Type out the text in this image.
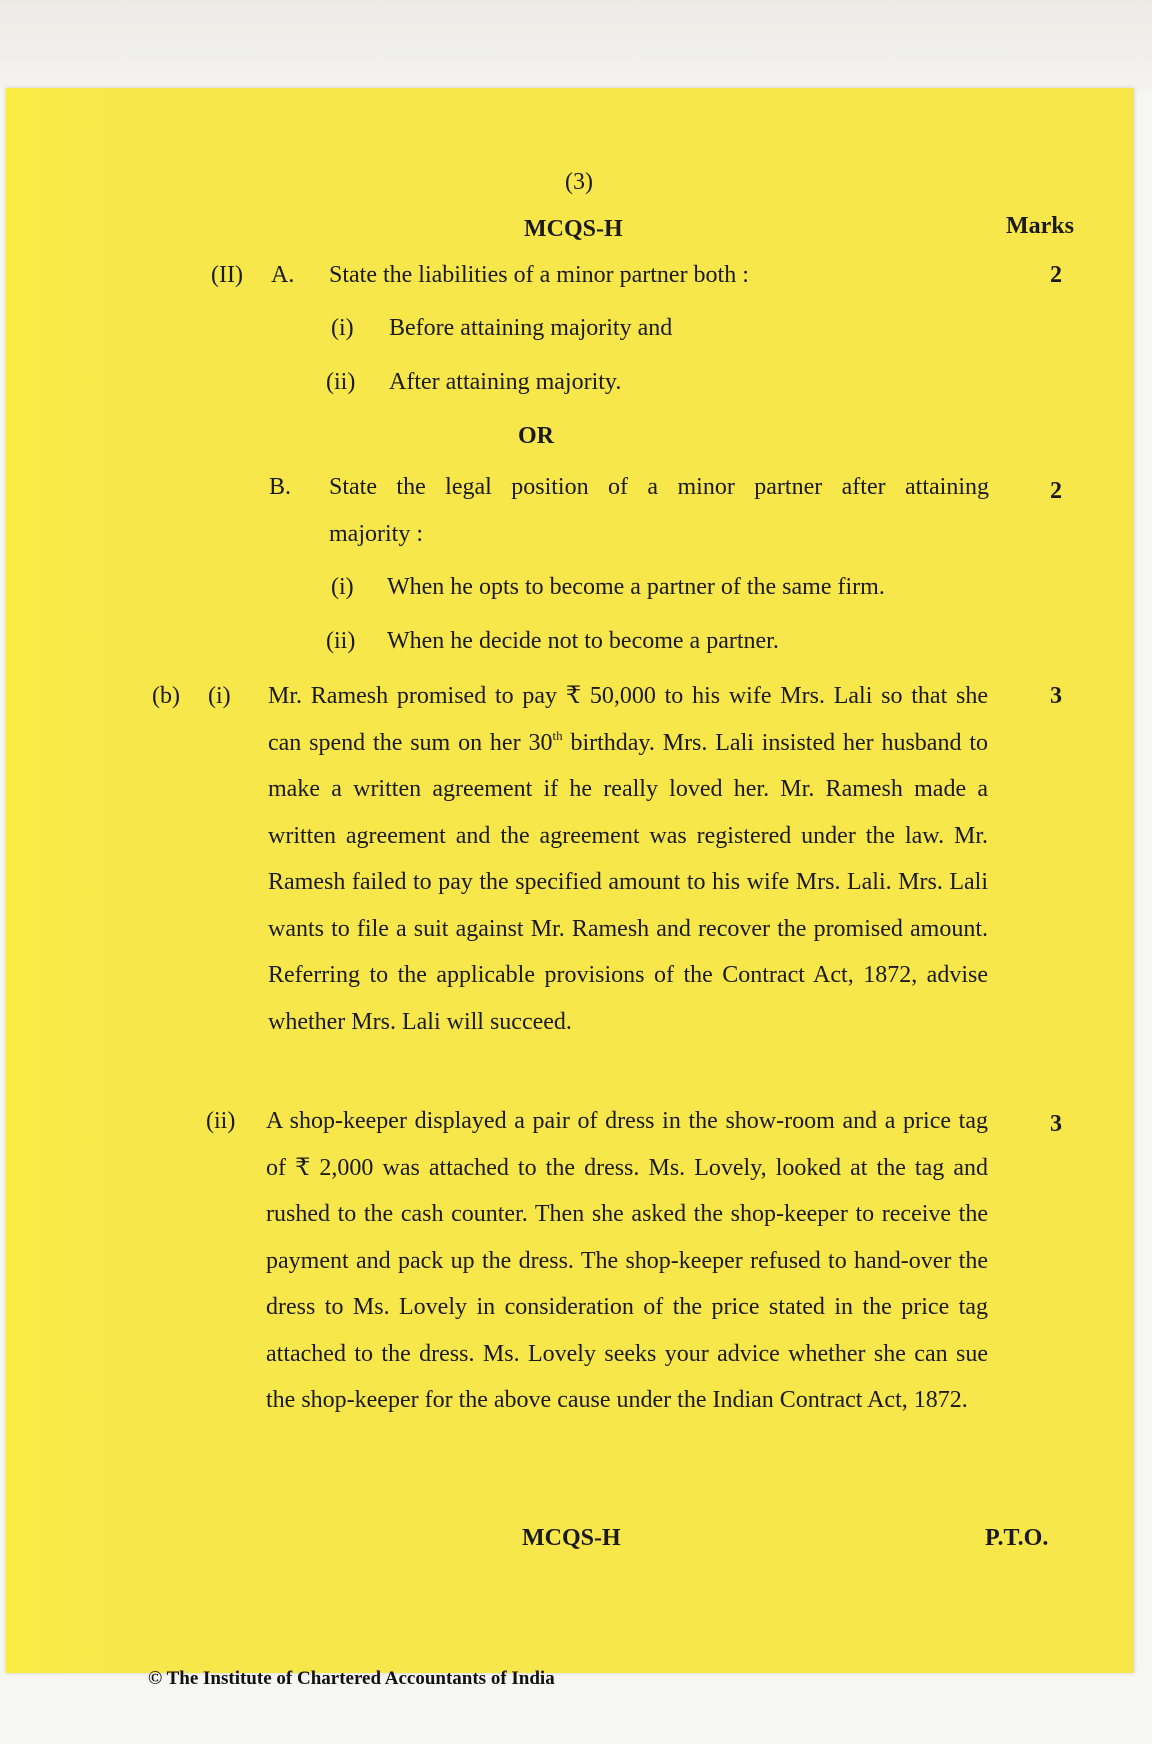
(3)
MCQS-H	Marks
(II) A. State the liabilities of a minor partner both :	2
(i) Before attaining majority and
(ii) After attaining majority.
OR
B. State the legal position of a minor partner after attaining	2
majority :
(i) When he opts to become a partner of the same firm.
(ii) When he decide not to become a partner.
(b) (i)	3
Mr. Ramesh promised to pay ₹ 50,000 to his wife Mrs. Lali so that she can spend the sum on her 30th birthday. Mrs. Lali insisted her husband to make a written agreement if he really loved her. Mr. Ramesh made a written agreement and the agreement was registered under the law. Mr. Ramesh failed to pay the specified amount to his wife Mrs. Lali. Mrs. Lali wants to file a suit against Mr. Ramesh and recover the promised amount. Referring to the applicable provisions of the Contract Act, 1872, advise whether Mrs. Lali will succeed.
(ii)	3
A shop-keeper displayed a pair of dress in the show-room and a price tag of ₹ 2,000 was attached to the dress. Ms. Lovely, looked at the tag and rushed to the cash counter. Then she asked the shop-keeper to receive the payment and pack up the dress. The shop-keeper refused to hand-over the dress to Ms. Lovely in consideration of the price stated in the price tag attached to the dress. Ms. Lovely seeks your advice whether she can sue the shop-keeper for the above cause under the Indian Contract Act, 1872.
MCQS-H	P.T.O.
© The Institute of Chartered Accountants of India
